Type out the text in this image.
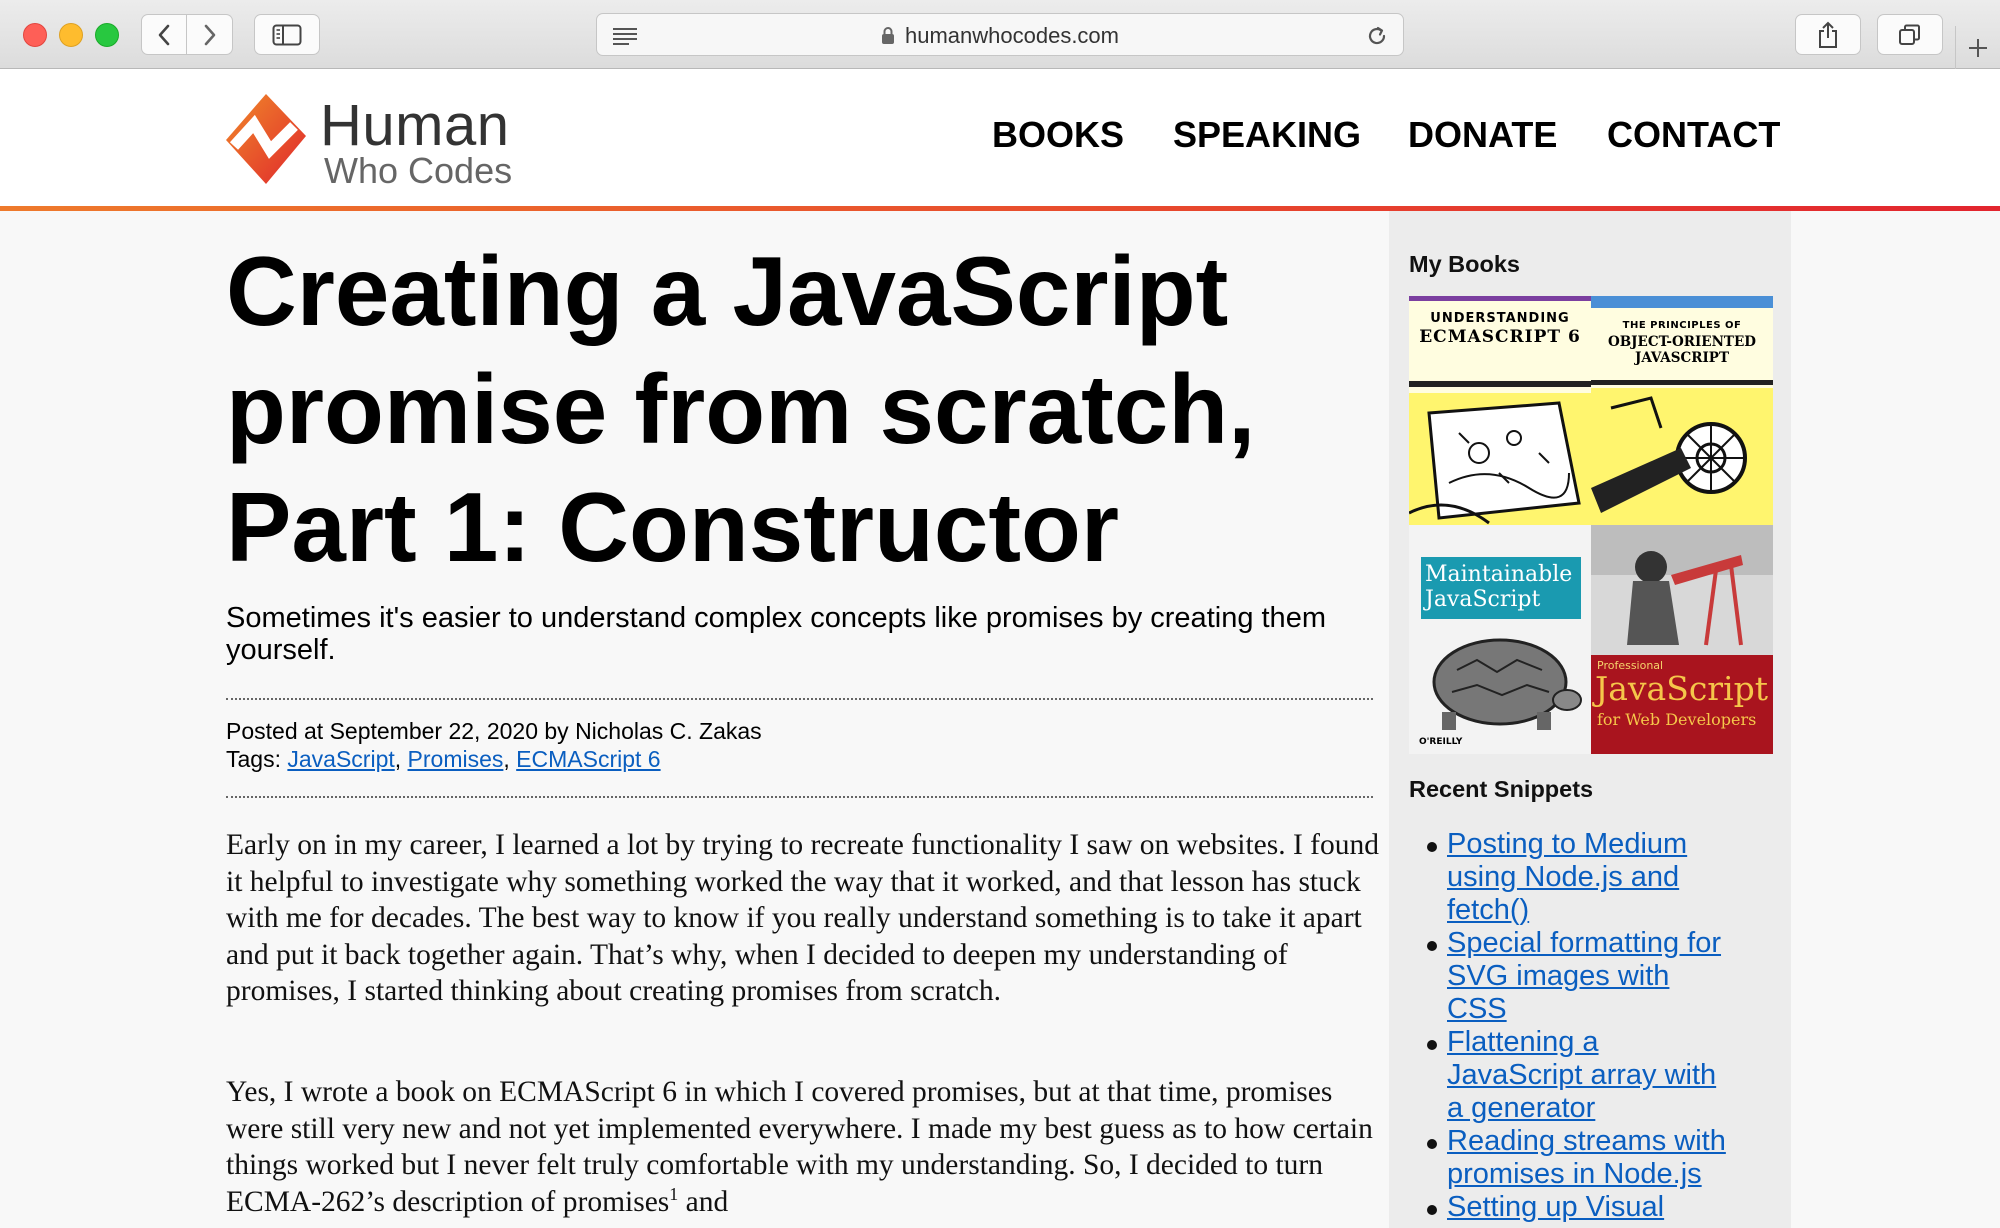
humanwhocodes.com
Human
Who Codes
BOOKS SPEAKING DONATE CONTACT
Creating a JavaScript
promise from scratch,
Part 1: Constructor

Sometimes it's easier to understand complex concepts like promises by creating them yourself.

Posted at September 22, 2020 by Nicholas C. Zakas
Tags: JavaScript, Promises, ECMAScript 6

Early on in my career, I learned a lot by trying to recreate functionality I saw on websites. I found it helpful to investigate why something worked the way that it worked, and that lesson has stuck with me for decades. The best way to know if you really understand something is to take it apart and put it back together again. That’s why, when I decided to deepen my understanding of promises, I started thinking about creating promises from scratch.

Yes, I wrote a book on ECMAScript 6 in which I covered promises, but at that time, promises were still very new and not yet implemented everywhere. I made my best guess as to how certain things worked but I never felt truly comfortable with my understanding. So, I decided to turn ECMA-262’s description of promises$^1$ and

My Books
UNDERSTANDING
ECMASCRIPT 6
THE PRINCIPLES OF
OBJECT-ORIENTED
JAVASCRIPT
Maintainable
JavaScript
O'REILLY
Professional
JavaScript
for Web Developers
Recent Snippets
Posting to Medium
using Node.js and
fetch()
Special formatting for
SVG images with
CSS
Flattening a
JavaScript array with
a generator
Reading streams with
promises in Node.js
Setting up Visual
